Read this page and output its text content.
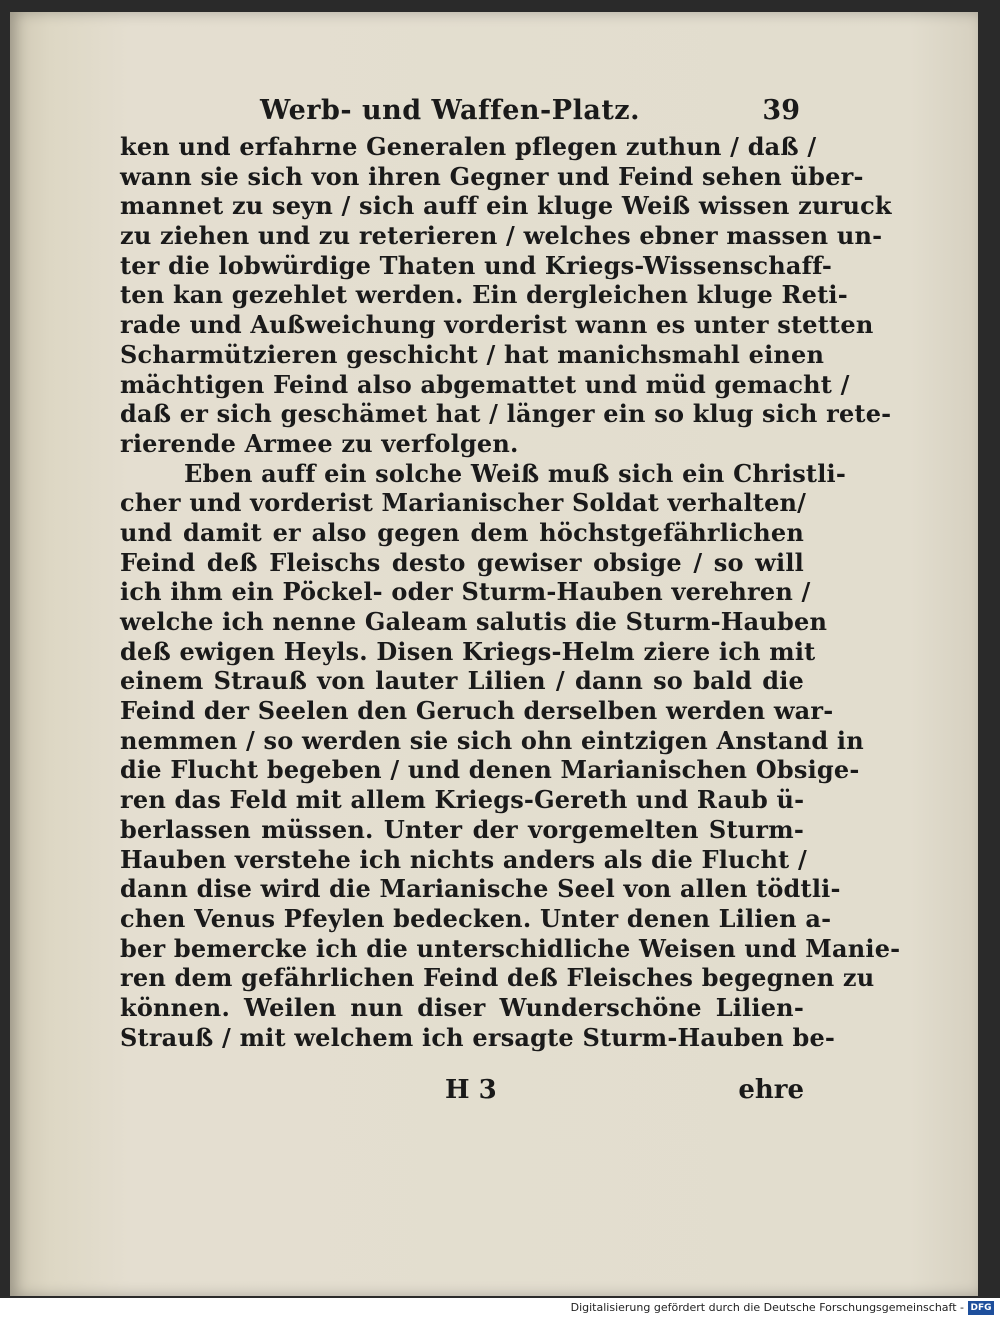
Werb- und Waffen-Platz.	39
ken und erfahrne Generalen pflegen zuthun / daß /
wann sie sich von ihren Gegner und Feind sehen über-
mannet zu seyn / sich auff ein kluge Weiß wissen zuruck
zu ziehen und zu reterieren / welches ebner massen un-
ter die lobwürdige Thaten und Kriegs-Wissenschaff-
ten kan gezehlet werden. Ein dergleichen kluge Reti-
rade und Außweichung vorderist wann es unter stetten
Scharmützieren geschicht / hat manichsmahl einen
mächtigen Feind also abgemattet und müd gemacht /
daß er sich geschämet hat / länger ein so klug sich rete-
rierende Armee zu verfolgen.
Eben auff ein solche Weiß muß sich ein Christli-
cher und vorderist Marianischer Soldat verhalten/
und damit er also gegen dem höchstgefährlichen
Feind deß Fleischs desto gewiser obsige / so will
ich ihm ein Pöckel- oder Sturm-Hauben verehren /
welche ich nenne Galeam salutis die Sturm-Hauben
deß ewigen Heyls. Disen Kriegs-Helm ziere ich mit
einem Strauß von lauter Lilien / dann so bald die
Feind der Seelen den Geruch derselben werden war-
nemmen / so werden sie sich ohn eintzigen Anstand in
die Flucht begeben / und denen Marianischen Obsige-
ren das Feld mit allem Kriegs-Gereth und Raub ü-
berlassen müssen. Unter der vorgemelten Sturm-
Hauben verstehe ich nichts anders als die Flucht /
dann dise wird die Marianische Seel von allen tödtli-
chen Venus Pfeylen bedecken. Unter denen Lilien a-
ber bemercke ich die unterschidliche Weisen und Manie-
ren dem gefährlichen Feind deß Fleisches begegnen zu
können. Weilen nun diser Wunderschöne Lilien-
Strauß / mit welchem ich ersagte Sturm-Hauben be-
H 3	ehre
Digitalisierung gefördert durch die Deutsche Forschungsgemeinschaft - DFG
